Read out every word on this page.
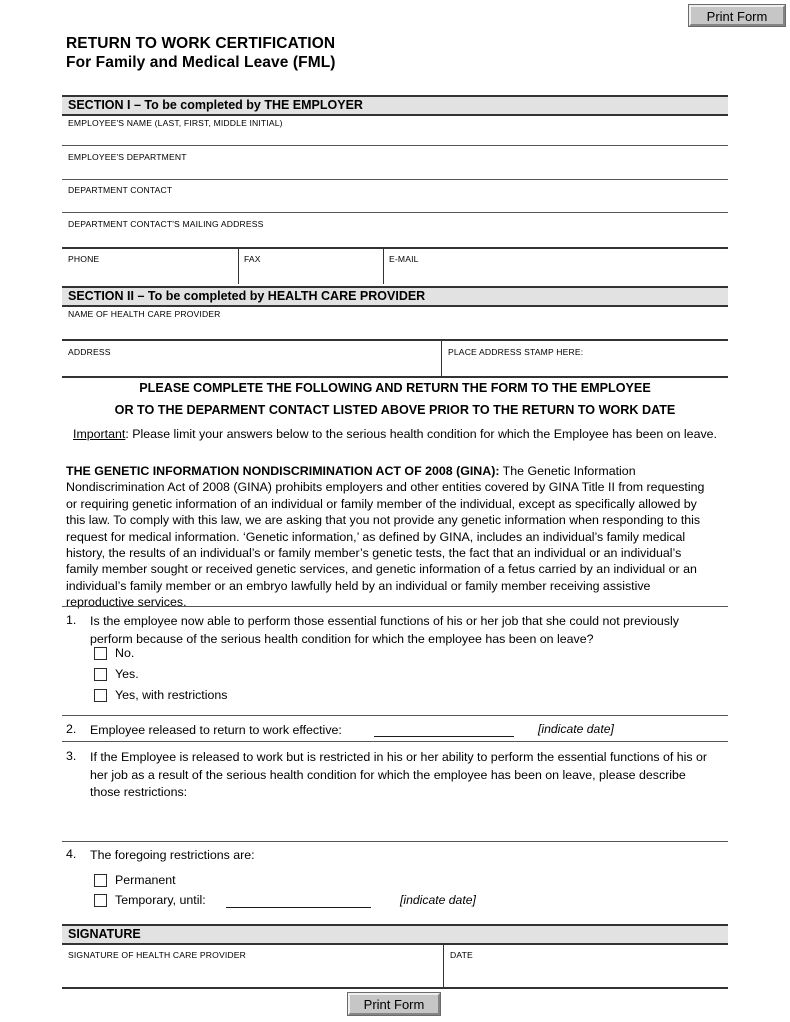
Print Form
RETURN TO WORK CERTIFICATION
For Family and Medical Leave (FML)
SECTION I – To be completed by THE EMPLOYER
EMPLOYEE'S NAME (LAST, FIRST, MIDDLE INITIAL)
EMPLOYEE'S DEPARTMENT
DEPARTMENT CONTACT
DEPARTMENT CONTACT'S MAILING ADDRESS
PHONE	FAX	E-MAIL
SECTION II – To be completed by HEALTH CARE PROVIDER
NAME OF HEALTH CARE PROVIDER
ADDRESS	PLACE ADDRESS STAMP HERE:
PLEASE COMPLETE THE FOLLOWING AND RETURN THE FORM TO THE EMPLOYEE
OR TO THE DEPARMENT CONTACT LISTED ABOVE PRIOR TO THE RETURN TO WORK DATE
Important: Please limit your answers below to the serious health condition for which the Employee has been on leave.
THE GENETIC INFORMATION NONDISCRIMINATION ACT OF 2008 (GINA): The Genetic Information Nondiscrimination Act of 2008 (GINA) prohibits employers and other entities covered by GINA Title II from requesting or requiring genetic information of an individual or family member of the individual, except as specifically allowed by this law. To comply with this law, we are asking that you not provide any genetic information when responding to this request for medical information. ‘Genetic information,’ as defined by GINA, includes an individual’s family medical history, the results of an individual’s or family member’s genetic tests, the fact that an individual or an individual’s family member sought or received genetic services, and genetic information of a fetus carried by an individual or an individual’s family member or an embryo lawfully held by an individual or family member receiving assistive reproductive services.
1.	Is the employee now able to perform those essential functions of his or her job that she could not previously perform because of the serious health condition for which the employee has been on leave?
No.
Yes.
Yes, with restrictions
2.	Employee released to return to work effective:	[indicate date]
3.	If the Employee is released to work but is restricted in his or her ability to perform the essential functions of his or her job as a result of the serious health condition for which the employee has been on leave, please describe those restrictions:
4.	The foregoing restrictions are:
Permanent
Temporary, until:	[indicate date]
SIGNATURE
SIGNATURE OF HEALTH CARE PROVIDER	DATE
Print Form
